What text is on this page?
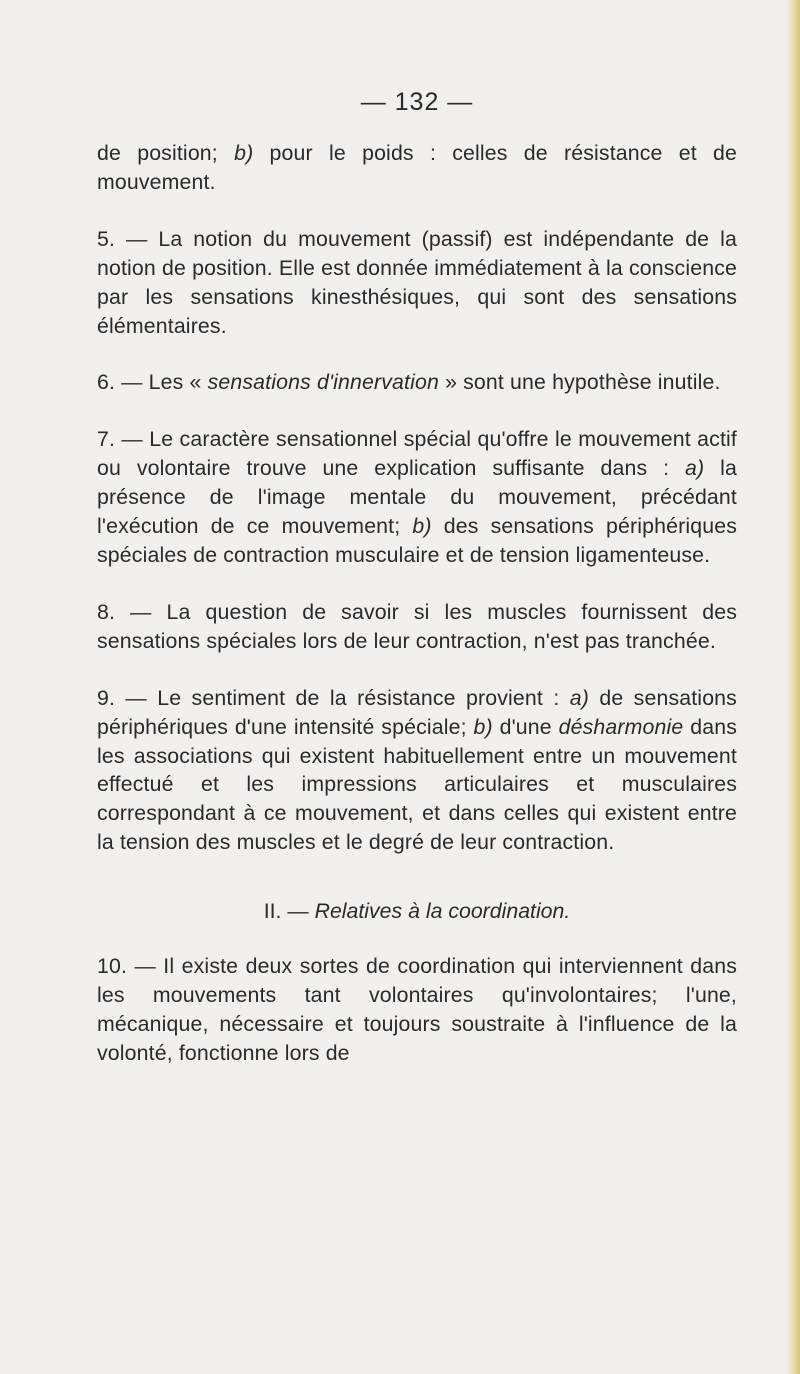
— 132 —

de position; b) pour le poids : celles de résistance et de mouvement.

5. — La notion du mouvement (passif) est indépendante de la notion de position. Elle est donnée immédiatement à la conscience par les sensations kinesthésiques, qui sont des sensations élémentaires.

6. — Les « sensations d'innervation » sont une hypothèse inutile.

7. — Le caractère sensationnel spécial qu'offre le mouvement actif ou volontaire trouve une explication suffisante dans : a) la présence de l'image mentale du mouvement, précédant l'exécution de ce mouvement; b) des sensations périphériques spéciales de contraction musculaire et de tension ligamenteuse.

8. — La question de savoir si les muscles fournissent des sensations spéciales lors de leur contraction, n'est pas tranchée.

9. — Le sentiment de la résistance provient : a) de sensations périphériques d'une intensité spéciale; b) d'une désharmonie dans les associations qui existent habituellement entre un mouvement effectué et les impressions articulaires et musculaires correspondant à ce mouvement, et dans celles qui existent entre la tension des muscles et le degré de leur contraction.

II. — Relatives à la coordination.

10. — Il existe deux sortes de coordination qui interviennent dans les mouvements tant volontaires qu'involontaires; l'une, mécanique, nécessaire et toujours soustraite à l'influence de la volonté, fonctionne lors de
